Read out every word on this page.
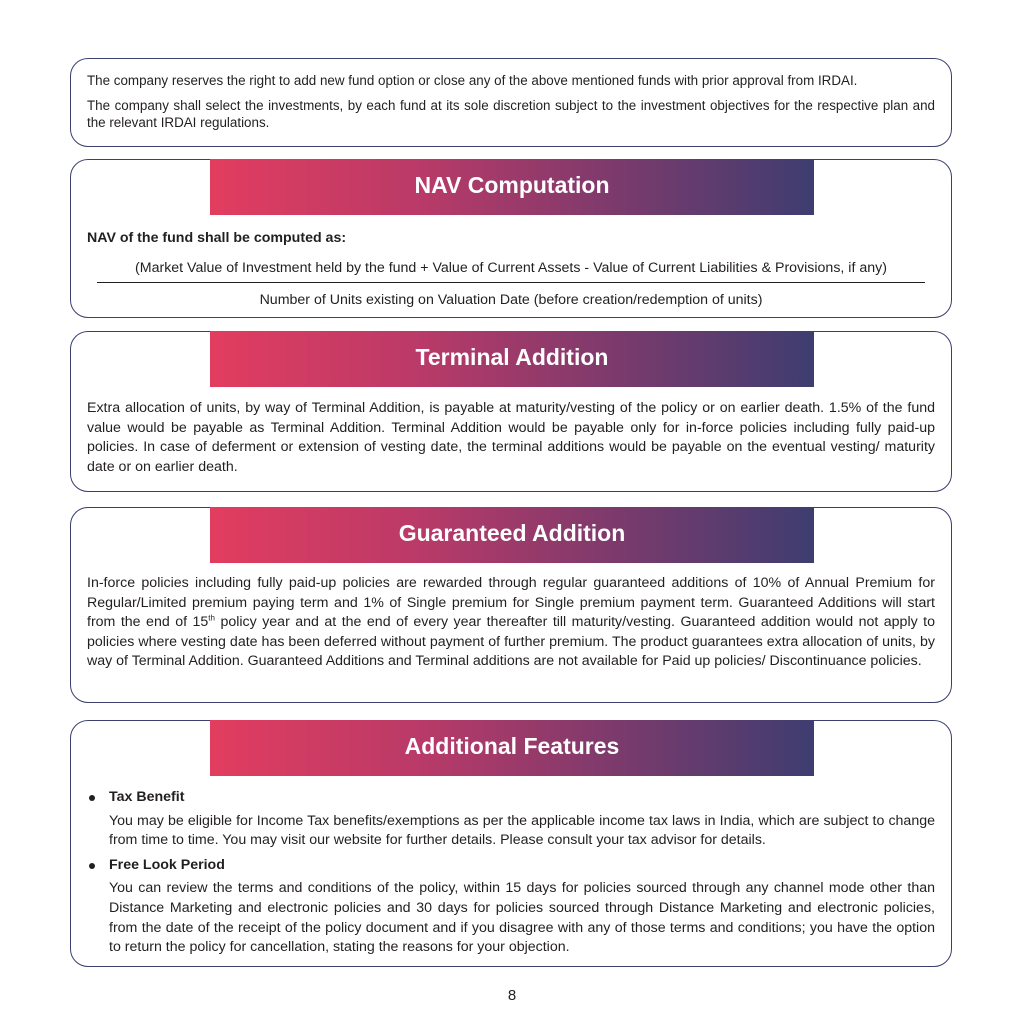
The company reserves the right to add new fund option or close any of the above mentioned funds with prior approval from IRDAI.

The company shall select the investments, by each fund at its sole discretion subject to the investment objectives for the respective plan and the relevant IRDAI regulations.

NAV Computation

NAV of the fund shall be computed as:

(Market Value of Investment held by the fund + Value of Current Assets - Value of Current Liabilities & Provisions, if any)
Number of Units existing on Valuation Date (before creation/redemption of units)
Terminal Addition

Extra allocation of units, by way of Terminal Addition, is payable at maturity/vesting of the policy or on earlier death. 1.5% of the fund value would be payable as Terminal Addition. Terminal Addition would be payable only for in-force policies including fully paid-up policies. In case of deferment or extension of vesting date, the terminal additions would be payable on the eventual vesting/ maturity date or on earlier death.

Guaranteed Addition

In-force policies including fully paid-up policies are rewarded through regular guaranteed additions of 10% of Annual Premium for Regular/Limited premium paying term and 1% of Single premium for Single premium payment term. Guaranteed Additions will start from the end of 15th policy year and at the end of every year thereafter till maturity/vesting. Guaranteed addition would not apply to policies where vesting date has been deferred without payment of further premium. The product guarantees extra allocation of units, by way of Terminal Addition. Guaranteed Additions and Terminal additions are not available for Paid up policies/ Discontinuance policies.

Additional Features
Tax Benefit

You may be eligible for Income Tax benefits/exemptions as per the applicable income tax laws in India, which are subject to change from time to time. You may visit our website for further details. Please consult your tax advisor for details.

Free Look Period

You can review the terms and conditions of the policy, within 15 days for policies sourced through any channel mode other than Distance Marketing and electronic policies and 30 days for policies sourced through Distance Marketing and electronic policies, from the date of the receipt of the policy document and if you disagree with any of those terms and conditions; you have the option to return the policy for cancellation, stating the reasons for your objection.

8
